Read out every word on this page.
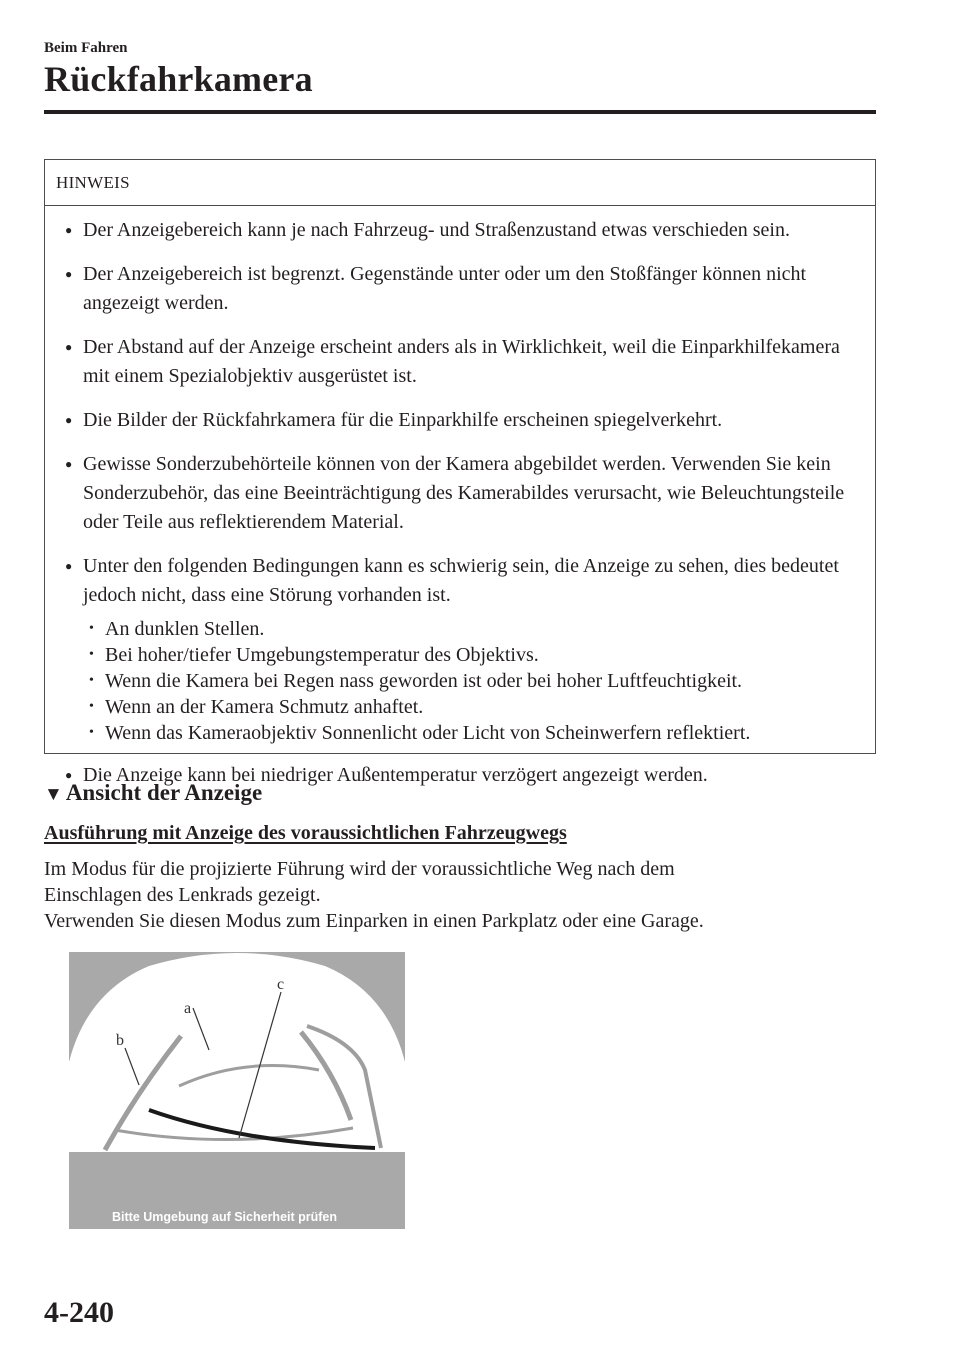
Beim Fahren
Rückfahrkamera
HINWEIS
● Der Anzeigebereich kann je nach Fahrzeug- und Straßenzustand etwas verschieden sein.
● Der Anzeigebereich ist begrenzt. Gegenstände unter oder um den Stoßfänger können nicht angezeigt werden.
● Der Abstand auf der Anzeige erscheint anders als in Wirklichkeit, weil die Einparkhilfekamera mit einem Spezialobjektiv ausgerüstet ist.
● Die Bilder der Rückfahrkamera für die Einparkhilfe erscheinen spiegelverkehrt.
● Gewisse Sonderzubehörteile können von der Kamera abgebildet werden. Verwenden Sie kein Sonderzubehör, das eine Beeinträchtigung des Kamerabildes verursacht, wie Beleuchtungsteile oder Teile aus reflektierendem Material.
● Unter den folgenden Bedingungen kann es schwierig sein, die Anzeige zu sehen, dies bedeutet jedoch nicht, dass eine Störung vorhanden ist.
• An dunklen Stellen.
• Bei hoher/tiefer Umgebungstemperatur des Objektivs.
• Wenn die Kamera bei Regen nass geworden ist oder bei hoher Luftfeuchtigkeit.
• Wenn an der Kamera Schmutz anhaftet.
• Wenn das Kameraobjektiv Sonnenlicht oder Licht von Scheinwerfern reflektiert.
● Die Anzeige kann bei niedriger Außentemperatur verzögert angezeigt werden.
▼ Ansicht der Anzeige
Ausführung mit Anzeige des voraussichtlichen Fahrzeugwegs

Im Modus für die projizierte Führung wird der voraussichtliche Weg nach dem

Einschlagen des Lenkrads gezeigt.

Verwenden Sie diesen Modus zum Einparken in einen Parkplatz oder eine Garage.

a
b
c
Bitte Umgebung auf Sicherheit prüfen
4-240
